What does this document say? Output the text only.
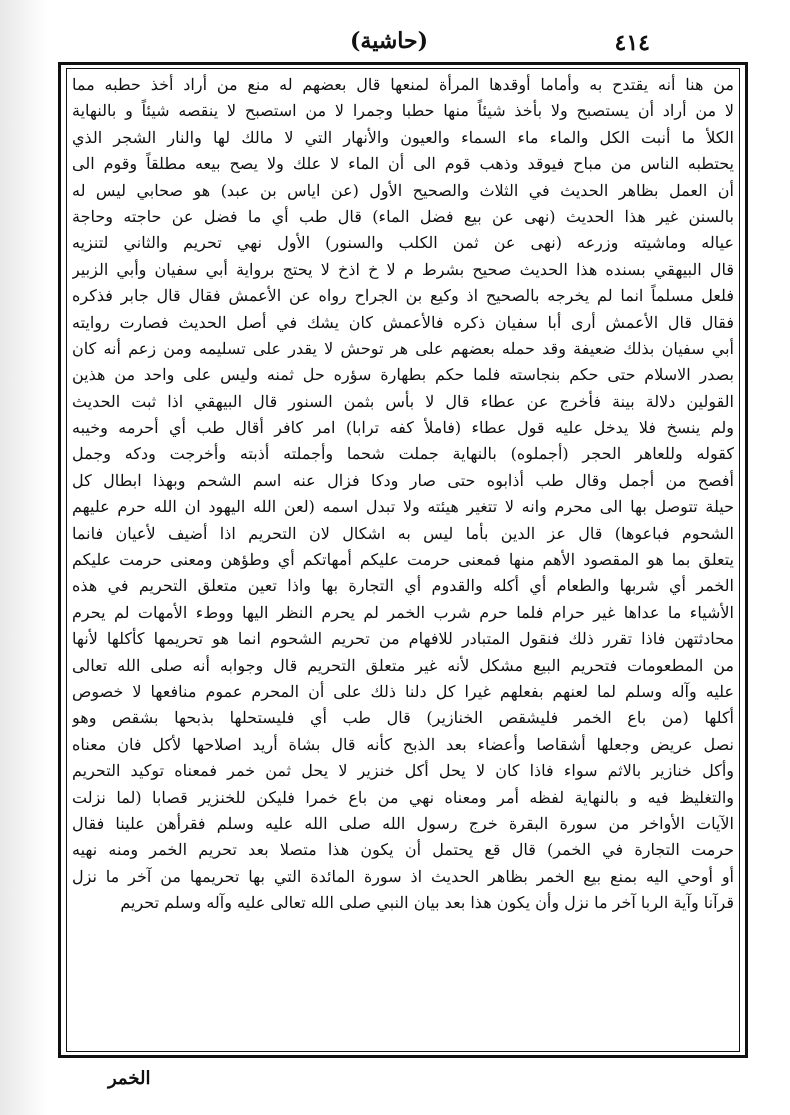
(حاشية)	٤١٤
من هنا أنه يقتدح به وأماما أوقدها المرأة لمنعها قال بعضهم له منع من أراد أخذ حطبه مما
لا من أراد أن يستصبح ولا بأخذ شيئاً منها حطبا وجمرا لا من استصبح لا ينقصه شيئاً و بالنهاية
الكلأ ما أنبت الكل والماء ماء السماء والعيون والأنهار التي لا مالك لها والنار الشجر الذي
يحتطبه الناس من مباح فيوقد وذهب قوم الى أن الماء لا علك ولا يصح بيعه مطلقاً وقوم الى
أن العمل بظاهر الحديث في الثلاث والصحيح الأول (عن اياس بن عبد) هو صحابي ليس له
بالسنن غير هذا الحديث (نهى عن بيع فضل الماء) قال طب أي ما فضل عن حاجته وحاجة
عياله وماشيته وزرعه (نهى عن ثمن الكلب والسنور) الأول نهي تحريم والثاني لتنزيه
قال البيهقي بسنده هذا الحديث صحيح بشرط م لا خ اذخ لا يحتج برواية أبي سفيان وأبي الزبير
فلعل مسلماً انما لم يخرجه بالصحيح اذ وكيع بن الجراح رواه عن الأعمش فقال قال جابر فذكره
فقال قال الأعمش أرى أبا سفيان ذكره فالأعمش كان يشك في أصل الحديث فصارت روايته
أبي سفيان بذلك ضعيفة وقد حمله بعضهم على هر توحش لا يقدر على تسليمه ومن زعم أنه كان
بصدر الاسلام حتى حكم بنجاسته فلما حكم بطهارة سؤره حل ثمنه وليس على واحد من هذين
القولين دلالة بينة فأخرج عن عطاء قال لا بأس بثمن السنور قال البيهقي اذا ثبت الحديث
ولم ينسخ فلا يدخل عليه قول عطاء (فاملأ كفه ترابا) امر كافر أقال طب أي أحرمه وخيبه
كقوله وللعاهر الحجر (أجملوه) بالنهاية جملت شحما وأجملته أذبته وأخرجت ودكه وجمل
أفصح من أجمل وقال طب أذابوه حتى صار ودكا فزال عنه اسم الشحم وبهذا ابطال كل
حيلة تتوصل بها الى محرم وانه لا تتغير هيئته ولا تبدل اسمه (لعن الله اليهود ان الله حرم عليهم
الشحوم فباعوها) قال عز الدين بأما ليس به اشكال لان التحريم اذا أضيف لأعيان فانما
يتعلق بما هو المقصود الأهم منها فمعنى حرمت عليكم أمهاتكم أي وطؤهن ومعنى حرمت عليكم
الخمر أي شربها والطعام أي أكله والقدوم أي التجارة بها واذا تعين متعلق التحريم في هذه
الأشياء ما عداها غير حرام فلما حرم شرب الخمر لم يحرم النظر اليها ووطء الأمهات لم يحرم
محادثتهن فاذا تقرر ذلك فنقول المتبادر للافهام من تحريم الشحوم انما هو تحريمها كأكلها لأنها
من المطعومات فتحريم البيع مشكل لأنه غير متعلق التحريم قال وجوابه أنه صلى الله تعالى
عليه وآله وسلم لما لعنهم بفعلهم غيرا كل دلنا ذلك على أن المحرم عموم منافعها لا خصوص
أكلها (من باع الخمر فليشقص الخنازير) قال طب أي فليستحلها بذبحها بشقص وهو
نصل عريض وجعلها أشقاصا وأعضاء بعد الذبح كأنه قال بشاة أريد اصلاحها لأكل فان معناه
وأكل خنازير بالاثم سواء فاذا كان لا يحل أكل خنزير لا يحل ثمن خمر فمعناه توكيد التحريم
والتغليظ فيه و بالنهاية لفظه أمر ومعناه نهي من باع خمرا فليكن للخنزير قصابا (لما نزلت
الآيات الأواخر من سورة البقرة خرج رسول الله صلى الله عليه وسلم فقرأهن علينا فقال
حرمت التجارة في الخمر) قال قع يحتمل أن يكون هذا متصلا بعد تحريم الخمر ومنه نهيه
أو أوحي اليه بمنع بيع الخمر بظاهر الحديث اذ سورة المائدة التي بها تحريمها من آخر ما نزل
قرآنا وآية الربا آخر ما نزل وأن يكون هذا بعد بيان النبي صلى الله تعالى عليه وآله وسلم تحريم
الخمر
